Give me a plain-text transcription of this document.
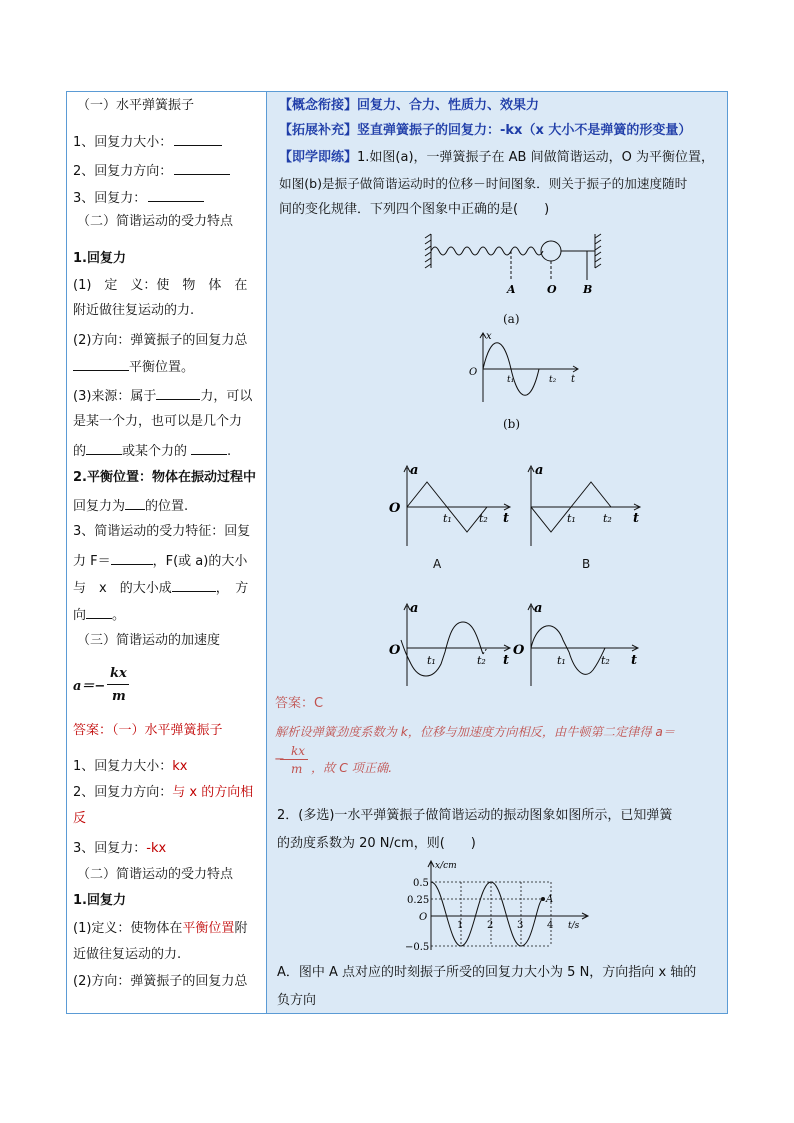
（一）水平弹簧振子
1、回复力大小：
2、回复力方向：
3、回复力：
（二）简谐运动的受力特点
1.回复力
(1)　定　义：使　物　体　在
附近做往复运动的力.
(2)方向：弹簧振子的回复力总
平衡位置。
(3)来源：属于	力，可以
是某一个力，也可以是几个力
的	或某个力的	.
2.平衡位置：物体在振动过程中
回复力为 的位置.
3、简谐运动的受力特征：回复
力 F＝	，F(或 a)的大小
与　x　的大小成	，　方
向 。
（三）简谐运动的加速度
a＝−
kx
m
答案：（一）水平弹簧振子
1、回复力大小：kx
2、回复力方向：与 x 的方向相
反
3、回复力：-kx
（二）简谐运动的受力特点
1.回复力
(1)定义：使物体在平衡位置附
近做往复运动的力.
(2)方向：弹簧振子的回复力总
【概念衔接】回复力、合力、性质力、效果力
【拓展补充】竖直弹簧振子的回复力：-kx（x 大小不是弹簧的形变量）
【即学即练】1.如图(a)，一弹簧振子在 AB 间做简谐运动，O 为平衡位置，
如图(b)是振子做简谐运动时的位移－时间图象．则关于振子的加速度随时
间的变化规律．下列四个图象中正确的是(　　)
A	O B
(a)
x
O
t₁	t₂ t
(b)
a
O
t₁ t₂ t
A
a
t₁ t₂ t
B
a
O
t₁	t₂ t
a
O
t₁	t₂ t
答案：C
解析设弹簧劲度系数为 k，位移与加速度方向相反，由牛顿第二定律得 a＝
kx
m
−
，故 C 项正确.
2．(多选)一水平弹簧振子做简谐运动的振动图象如图所示，已知弹簧
的劲度系数为 20 N/cm，则(　　)
x/cm
0.5
0.25
O
−0.5
1 2 3 4 t/s
A
A．图中 A 点对应的时刻振子所受的回复力大小为 5 N，方向指向 x 轴的
负方向
